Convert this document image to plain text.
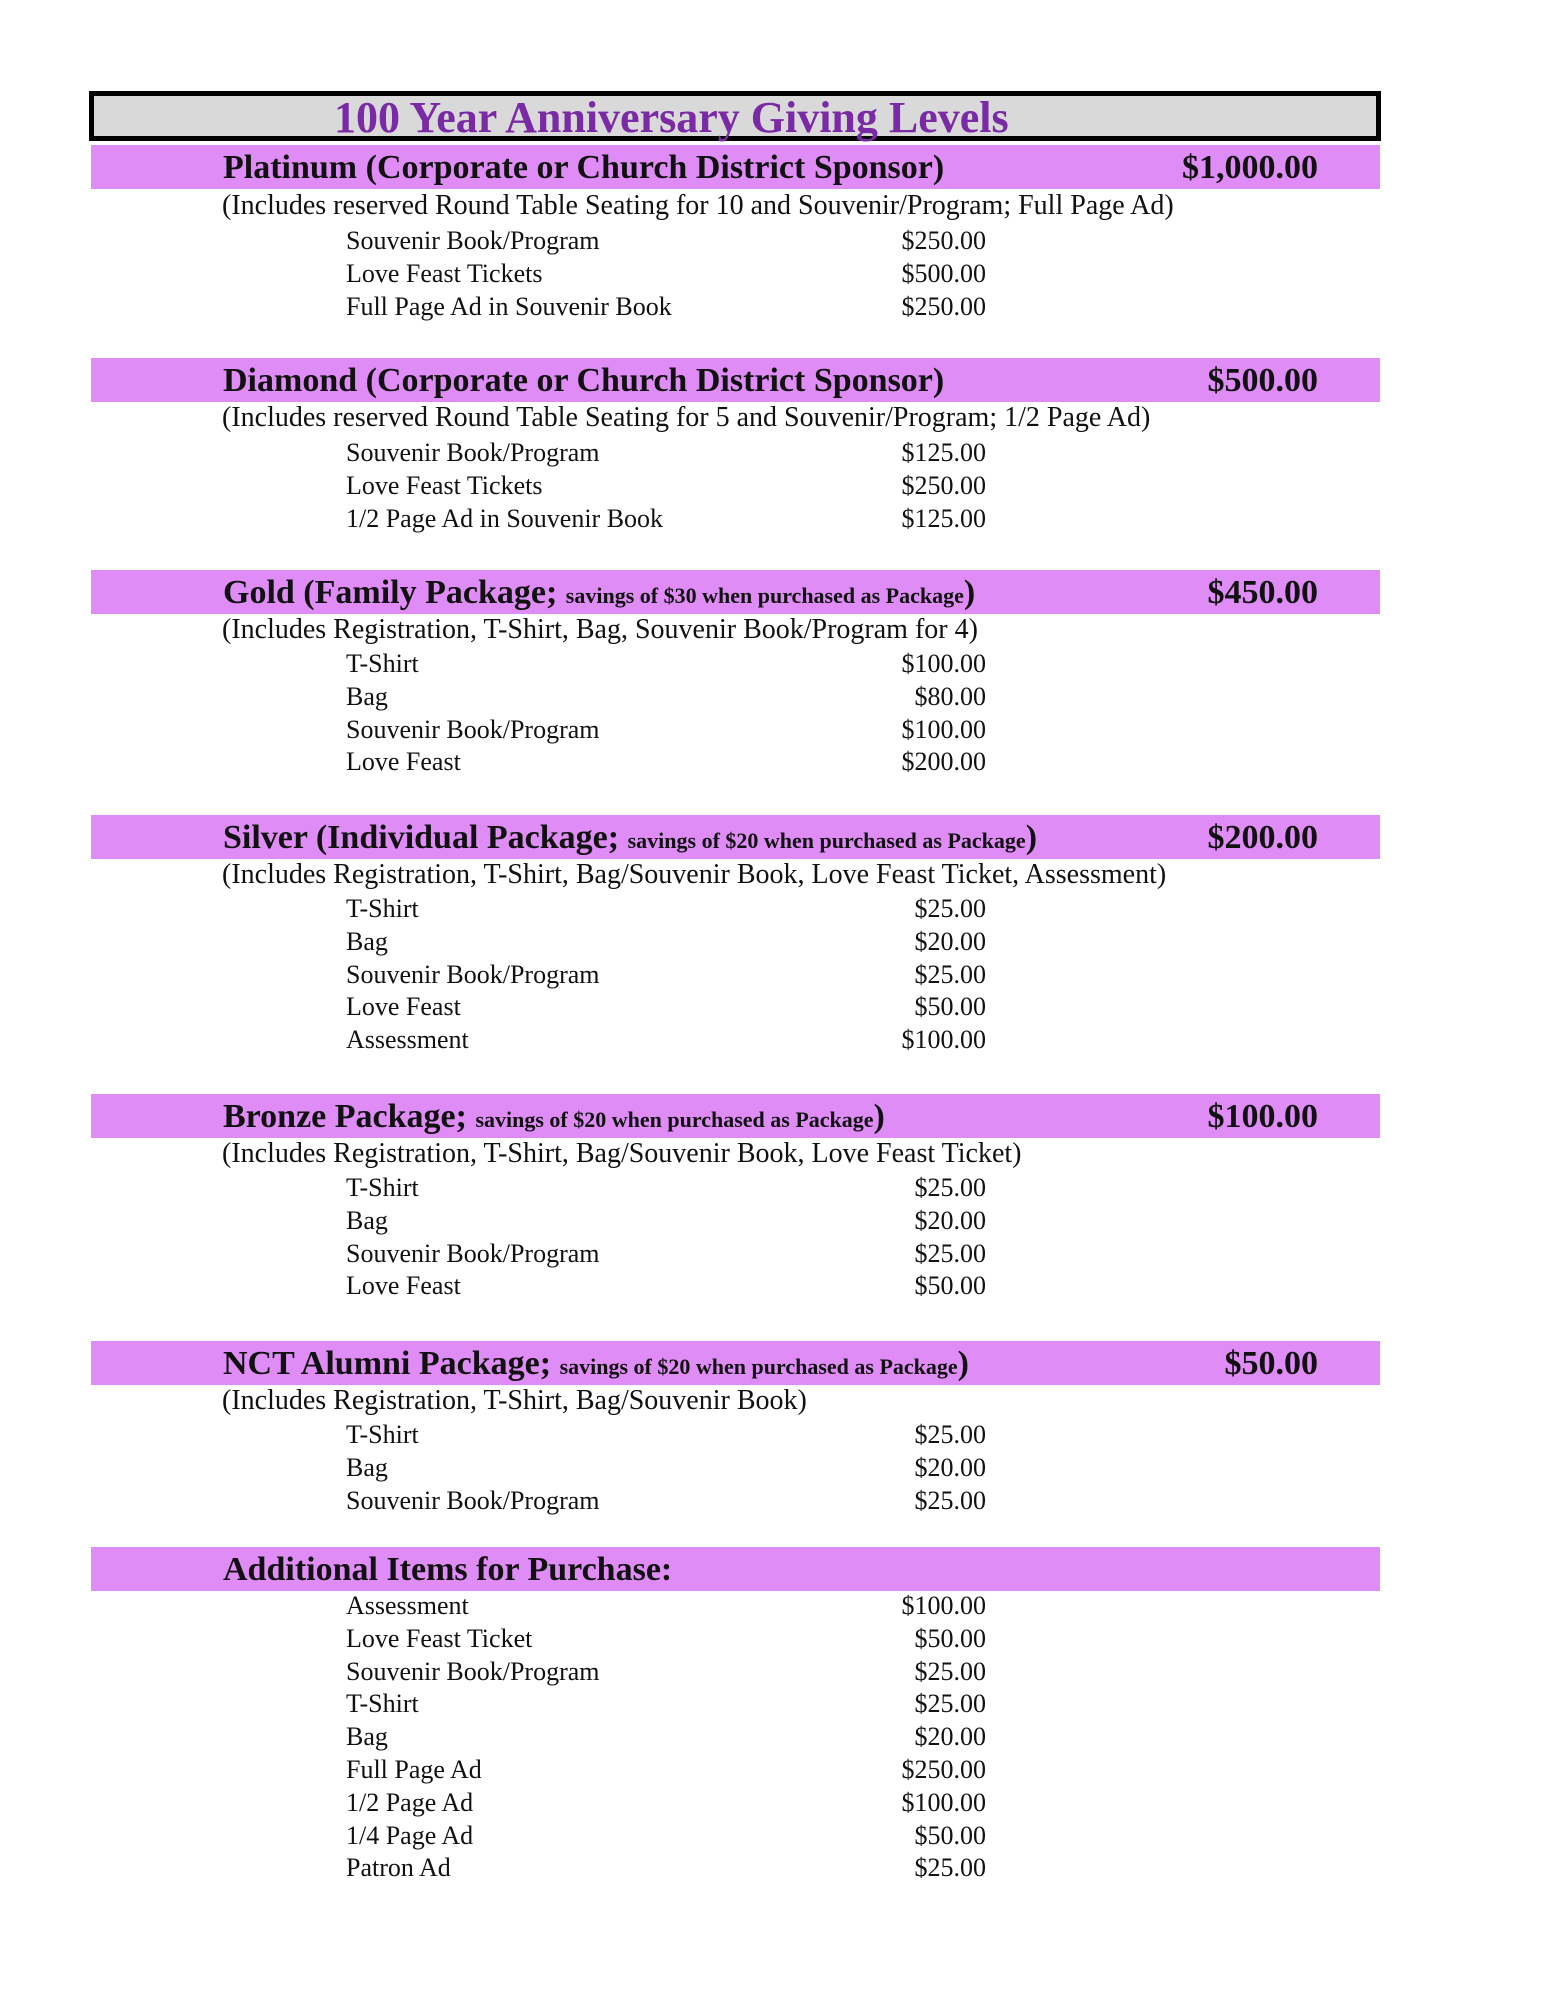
100 Year Anniversary Giving Levels
Platinum (Corporate or Church District Sponsor)	$1,000.00
(Includes reserved Round Table Seating for 10 and Souvenir/Program; Full Page Ad)
Souvenir Book/Program	$250.00
Love Feast Tickets	$500.00
Full Page Ad in Souvenir Book	$250.00
Diamond (Corporate or Church District Sponsor)	$500.00
(Includes reserved Round Table Seating for 5 and Souvenir/Program; 1/2 Page Ad)
Souvenir Book/Program	$125.00
Love Feast Tickets	$250.00
1/2 Page Ad in Souvenir Book	$125.00
Gold (Family Package; savings of $30 when purchased as Package)	$450.00
(Includes Registration, T-Shirt, Bag, Souvenir Book/Program for 4)
T-Shirt	$100.00
Bag	$80.00
Souvenir Book/Program	$100.00
Love Feast	$200.00
Silver (Individual Package; savings of $20 when purchased as Package)	$200.00
(Includes Registration, T-Shirt, Bag/Souvenir Book, Love Feast Ticket, Assessment)
T-Shirt	$25.00
Bag	$20.00
Souvenir Book/Program	$25.00
Love Feast	$50.00
Assessment	$100.00
Bronze Package; savings of $20 when purchased as Package)	$100.00
(Includes Registration, T-Shirt, Bag/Souvenir Book, Love Feast Ticket)
T-Shirt	$25.00
Bag	$20.00
Souvenir Book/Program	$25.00
Love Feast	$50.00
NCT Alumni Package; savings of $20 when purchased as Package)	$50.00
(Includes Registration, T-Shirt, Bag/Souvenir Book)
T-Shirt	$25.00
Bag	$20.00
Souvenir Book/Program	$25.00
Additional Items for Purchase:
Assessment	$100.00
Love Feast Ticket	$50.00
Souvenir Book/Program	$25.00
T-Shirt	$25.00
Bag	$20.00
Full Page Ad	$250.00
1/2 Page Ad	$100.00
1/4 Page Ad	$50.00
Patron Ad	$25.00
